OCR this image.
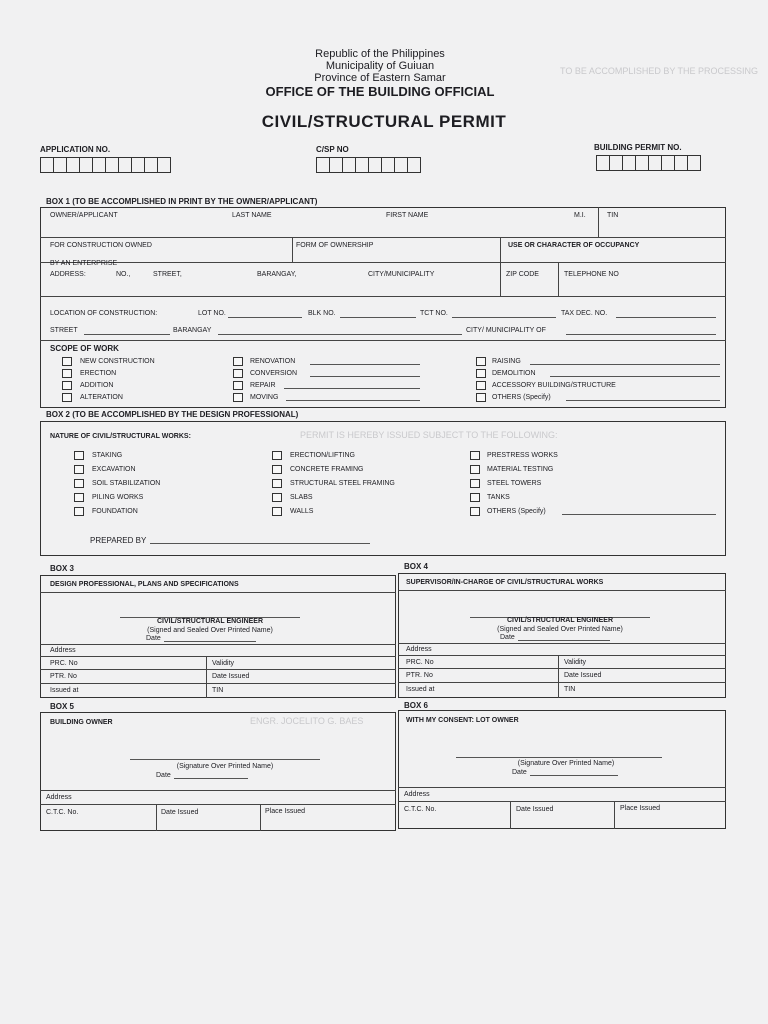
TO BE ACCOMPLISHED BY THE PROCESSING
PERMIT IS HEREBY ISSUED SUBJECT TO THE FOLLOWING:
ENGR. JOCELITO G. BAES
Republic of the Philippines
Municipality of Guiuan
Province of Eastern Samar
OFFICE OF THE BUILDING OFFICIAL
CIVIL/STRUCTURAL PERMIT
APPLICATION NO.	C/SP NO	BUILDING PERMIT NO.
BOX 1 (TO BE ACCOMPLISHED IN PRINT BY THE OWNER/APPLICANT)
OWNER/APPLICANT	LAST NAME	FIRST NAME	M.I.	TIN
FOR CONSTRUCTION OWNED	FORM OF OWNERSHIP	USE OR CHARACTER OF OCCUPANCY
BY AN ENTERPRISE
ADDRESS:	NO.,	STREET,	BARANGAY,	CITY/MUNICIPALITY	ZIP CODE	TELEPHONE NO
LOCATION OF CONSTRUCTION:	LOT NO.	BLK NO.	TCT NO.	TAX DEC. NO.
STREET	BARANGAY	CITY/ MUNICIPALITY OF
SCOPE OF WORK
NEW CONSTRUCTION
ERECTION
ADDITION
ALTERATION
RENOVATION
CONVERSION
REPAIR
MOVING
RAISING
DEMOLITION
ACCESSORY BUILDING/STRUCTURE
OTHERS (Specify)
BOX 2 (TO BE ACCOMPLISHED BY THE DESIGN PROFESSIONAL)
NATURE OF CIVIL/STRUCTURAL WORKS:
STAKING
EXCAVATION
SOIL STABILIZATION
PILING WORKS
FOUNDATION
ERECTION/LIFTING
CONCRETE FRAMING
STRUCTURAL STEEL FRAMING
SLABS
WALLS
PRESTRESS WORKS
MATERIAL TESTING
STEEL TOWERS
TANKS
OTHERS (Specify)
PREPARED BY
BOX 3
DESIGN PROFESSIONAL, PLANS AND SPECIFICATIONS
CIVIL/STRUCTURAL ENGINEER
(Signed and Sealed Over Printed Name)
Date
Address
PRC. No	Validity
PTR. No	Date Issued
Issued at	TIN
BOX 4
SUPERVISOR/IN-CHARGE OF CIVIL/STRUCTURAL WORKS
CIVIL/STRUCTURAL ENGINEER
(Signed and Sealed Over Printed Name)
Date
Address
PRC. No	Validity
PTR. No	Date Issued
Issued at	TIN
BOX 5
BUILDING OWNER
(Signature Over Printed Name)
Date
Address
C.T.C. No.	Date Issued	Place Issued
BOX 6
WITH MY CONSENT: LOT OWNER
(Signature Over Printed Name)
Date
Address
C.T.C. No.	Date Issued	Place Issued
